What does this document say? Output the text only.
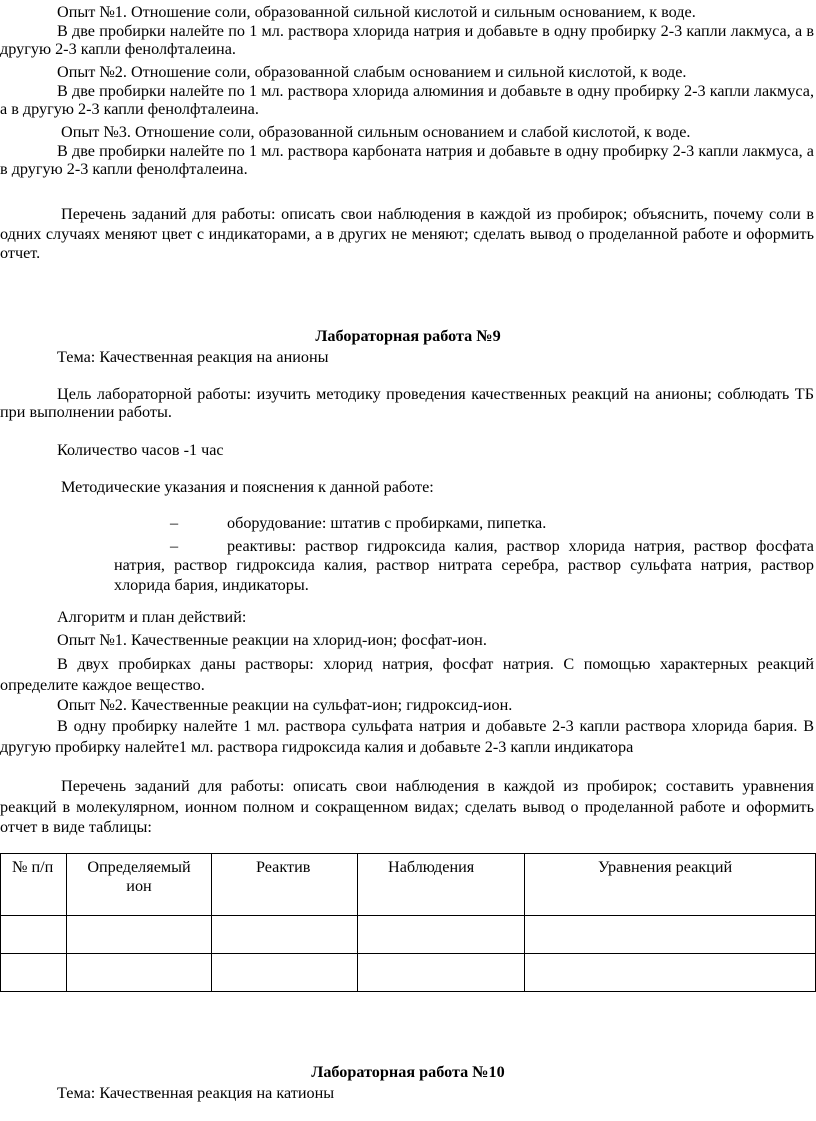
Опыт №1. Отношение соли, образованной сильной кислотой и сильным основанием, к воде.

В две пробирки налейте по 1 мл. раствора хлорида натрия и добавьте в одну пробирку 2-3 капли лакмуса, а в другую 2-3 капли фенолфталеина.

Опыт №2. Отношение соли, образованной слабым основанием и сильной кислотой, к воде.

В две пробирки налейте по 1 мл. раствора хлорида алюминия и добавьте в одну пробирку 2-3 капли лакмуса, а в другую 2-3 капли фенолфталеина.

Опыт №3. Отношение соли, образованной сильным основанием и слабой кислотой, к воде.

В две пробирки налейте по 1 мл. раствора карбоната натрия и добавьте в одну пробирку 2-3 капли лакмуса, а в другую 2-3 капли фенолфталеина.

Перечень заданий для работы: описать свои наблюдения в каждой из пробирок; объяснить, почему соли в одних случаях меняют цвет с индикаторами, а в других не меняют; сделать вывод о проделанной работе и оформить отчет.

Лабораторная работа №9

Тема: Качественная реакция на анионы

Цель лабораторной работы: изучить методику проведения качественных реакций на анионы; соблюдать ТБ при выполнении работы.

Количество часов -1 час

Методические указания и пояснения к данной работе:

–	оборудование: штатив с пробирками, пипетка.

–	реактивы: раствор гидроксида калия, раствор хлорида натрия, раствор фосфата натрия, раствор гидроксида калия, раствор нитрата серебра, раствор сульфата натрия, раствор хлорида бария, индикаторы.

Алгоритм и план действий:

Опыт №1. Качественные реакции на хлорид-ион; фосфат-ион.

В двух пробирках даны растворы: хлорид натрия, фосфат натрия. С помощью характерных реакций определите каждое вещество.

Опыт №2. Качественные реакции на сульфат-ион; гидроксид-ион.

В одну пробирку налейте 1 мл. раствора сульфата натрия и добавьте 2-3 капли раствора хлорида бария. В другую пробирку налейте1 мл. раствора гидроксида калия и добавьте 2-3 капли индикатора

Перечень заданий для работы: описать свои наблюдения в каждой из пробирок; составить уравнения реакций в молекулярном, ионном полном и сокращенном видах; сделать вывод о проделанной работе и оформить отчет в виде таблицы:

№ п/п	Определяемый ион	Реактив	Наблюдения	Уравнения реакций

Лабораторная работа №10

Тема: Качественная реакция на катионы
